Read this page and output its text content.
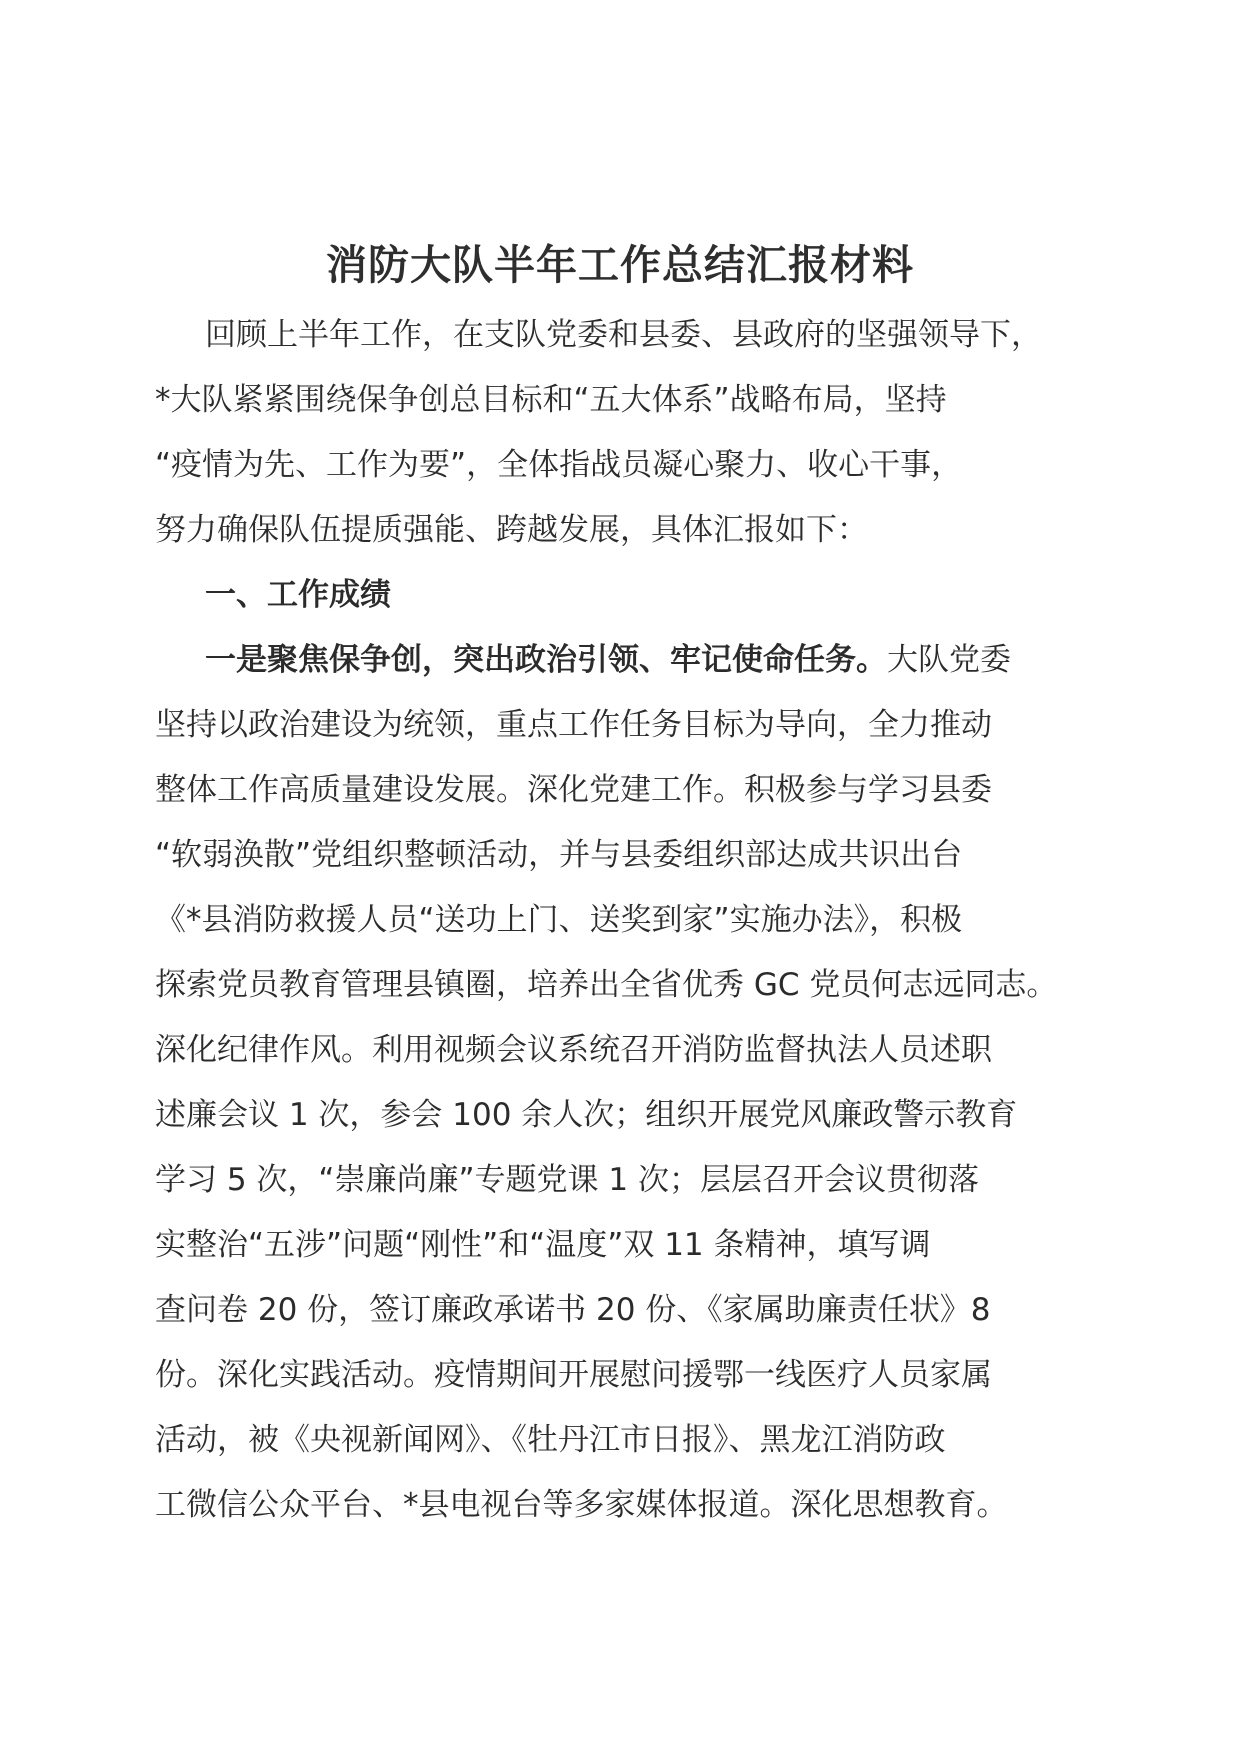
消防大队半年工作总结汇报材料
回顾上半年工作，在支队党委和县委、县政府的坚强领导下，
*大队紧紧围绕保争创总目标和“五大体系”战略布局，坚持
“疫情为先、工作为要”，全体指战员凝心聚力、收心干事，
努力确保队伍提质强能、跨越发展，具体汇报如下：
一、工作成绩
一是聚焦保争创，突出政治引领、牢记使命任务。大队党委
坚持以政治建设为统领，重点工作任务目标为导向，全力推动
整体工作高质量建设发展。深化党建工作。积极参与学习县委
“软弱涣散”党组织整顿活动，并与县委组织部达成共识出台
《*县消防救援人员“送功上门、送奖到家”实施办法》，积极
探索党员教育管理县镇圈，培养出全省优秀 GC 党员何志远同志。
深化纪律作风。利用视频会议系统召开消防监督执法人员述职
述廉会议 1 次，参会 100 余人次；组织开展党风廉政警示教育
学习 5 次，“崇廉尚廉”专题党课 1 次；层层召开会议贯彻落
实整治“五涉”问题“刚性”和“温度”双 11 条精神，填写调
查问卷 20 份，签订廉政承诺书 20 份、《家属助廉责任状》8
份。深化实践活动。疫情期间开展慰问援鄂一线医疗人员家属
活动，被《央视新闻网》、《牡丹江市日报》、黑龙江消防政
工微信公众平台、*县电视台等多家媒体报道。深化思想教育。
